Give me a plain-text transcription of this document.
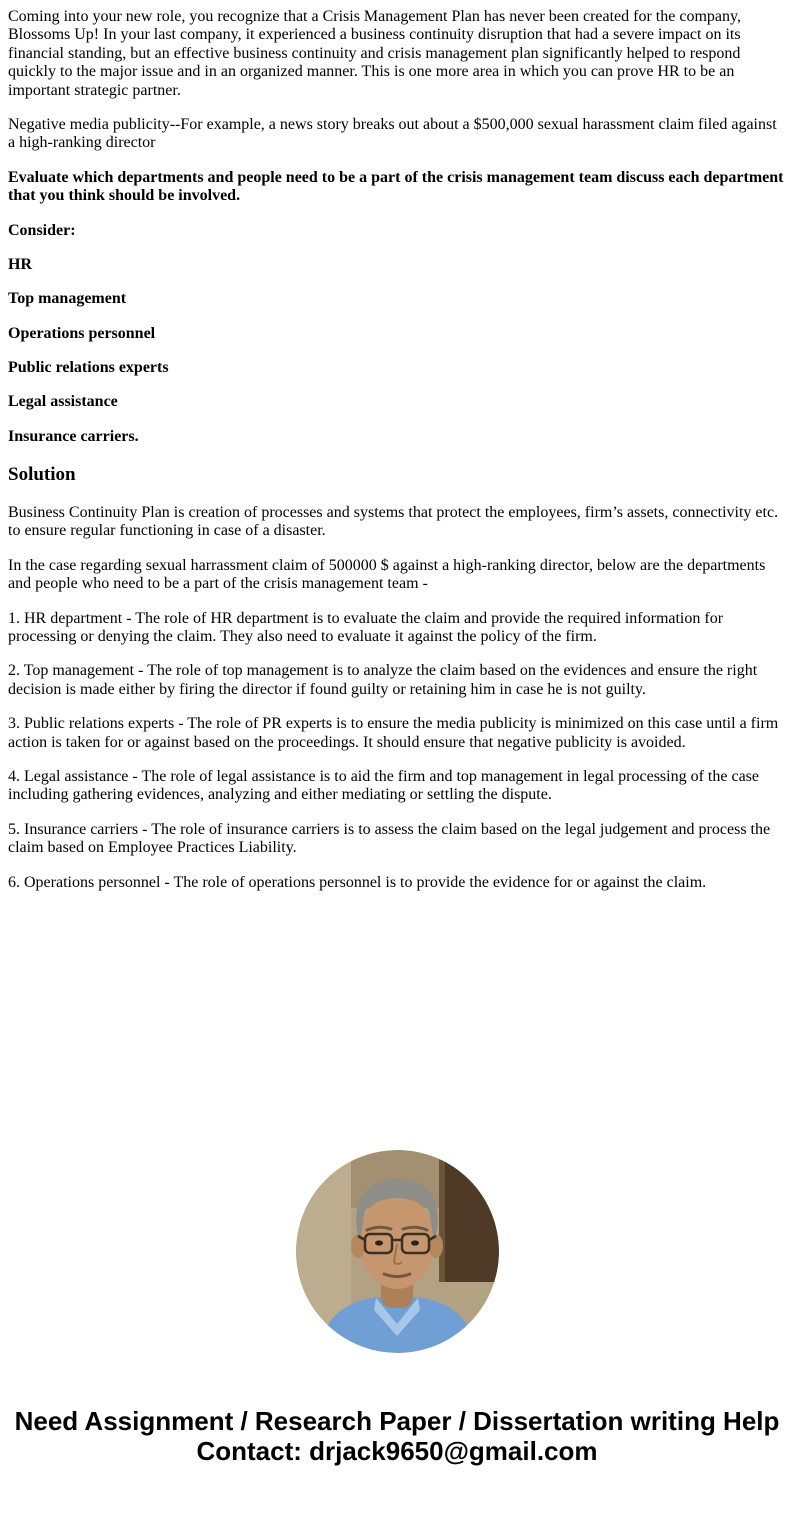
Coming into your new role, you recognize that a Crisis Management Plan has never been created for the company, Blossoms Up! In your last company, it experienced a business continuity disruption that had a severe impact on its financial standing, but an effective business continuity and crisis management plan significantly helped to respond quickly to the major issue and in an organized manner. This is one more area in which you can prove HR to be an important strategic partner.

Negative media publicity--For example, a news story breaks out about a $500,000 sexual harassment claim filed against a high-ranking director

Evaluate which departments and people need to be a part of the crisis management team discuss each department that you think should be involved.

Consider:

HR

Top management

Operations personnel

Public relations experts

Legal assistance

Insurance carriers.

Solution

Business Continuity Plan is creation of processes and systems that protect the employees, firm’s assets, connectivity etc. to ensure regular functioning in case of a disaster.

In the case regarding sexual harrassment claim of 500000 $ against a high-ranking director, below are the departments and people who need to be a part of the crisis management team -

1. HR department - The role of HR department is to evaluate the claim and provide the required information for processing or denying the claim. They also need to evaluate it against the policy of the firm.

2. Top management - The role of top management is to analyze the claim based on the evidences and ensure the right decision is made either by firing the director if found guilty or retaining him in case he is not guilty.

3. Public relations experts - The role of PR experts is to ensure the media publicity is minimized on this case until a firm action is taken for or against based on the proceedings. It should ensure that negative publicity is avoided.

4. Legal assistance - The role of legal assistance is to aid the firm and top management in legal processing of the case including gathering evidences, analyzing and either mediating or settling the dispute.

5. Insurance carriers - The role of insurance carriers is to assess the claim based on the legal judgement and process the claim based on Employee Practices Liability.

6. Operations personnel - The role of operations personnel is to provide the evidence for or against the claim.

Need Assignment / Research Paper / Dissertation writing Help
Contact: drjack9650@gmail.com
